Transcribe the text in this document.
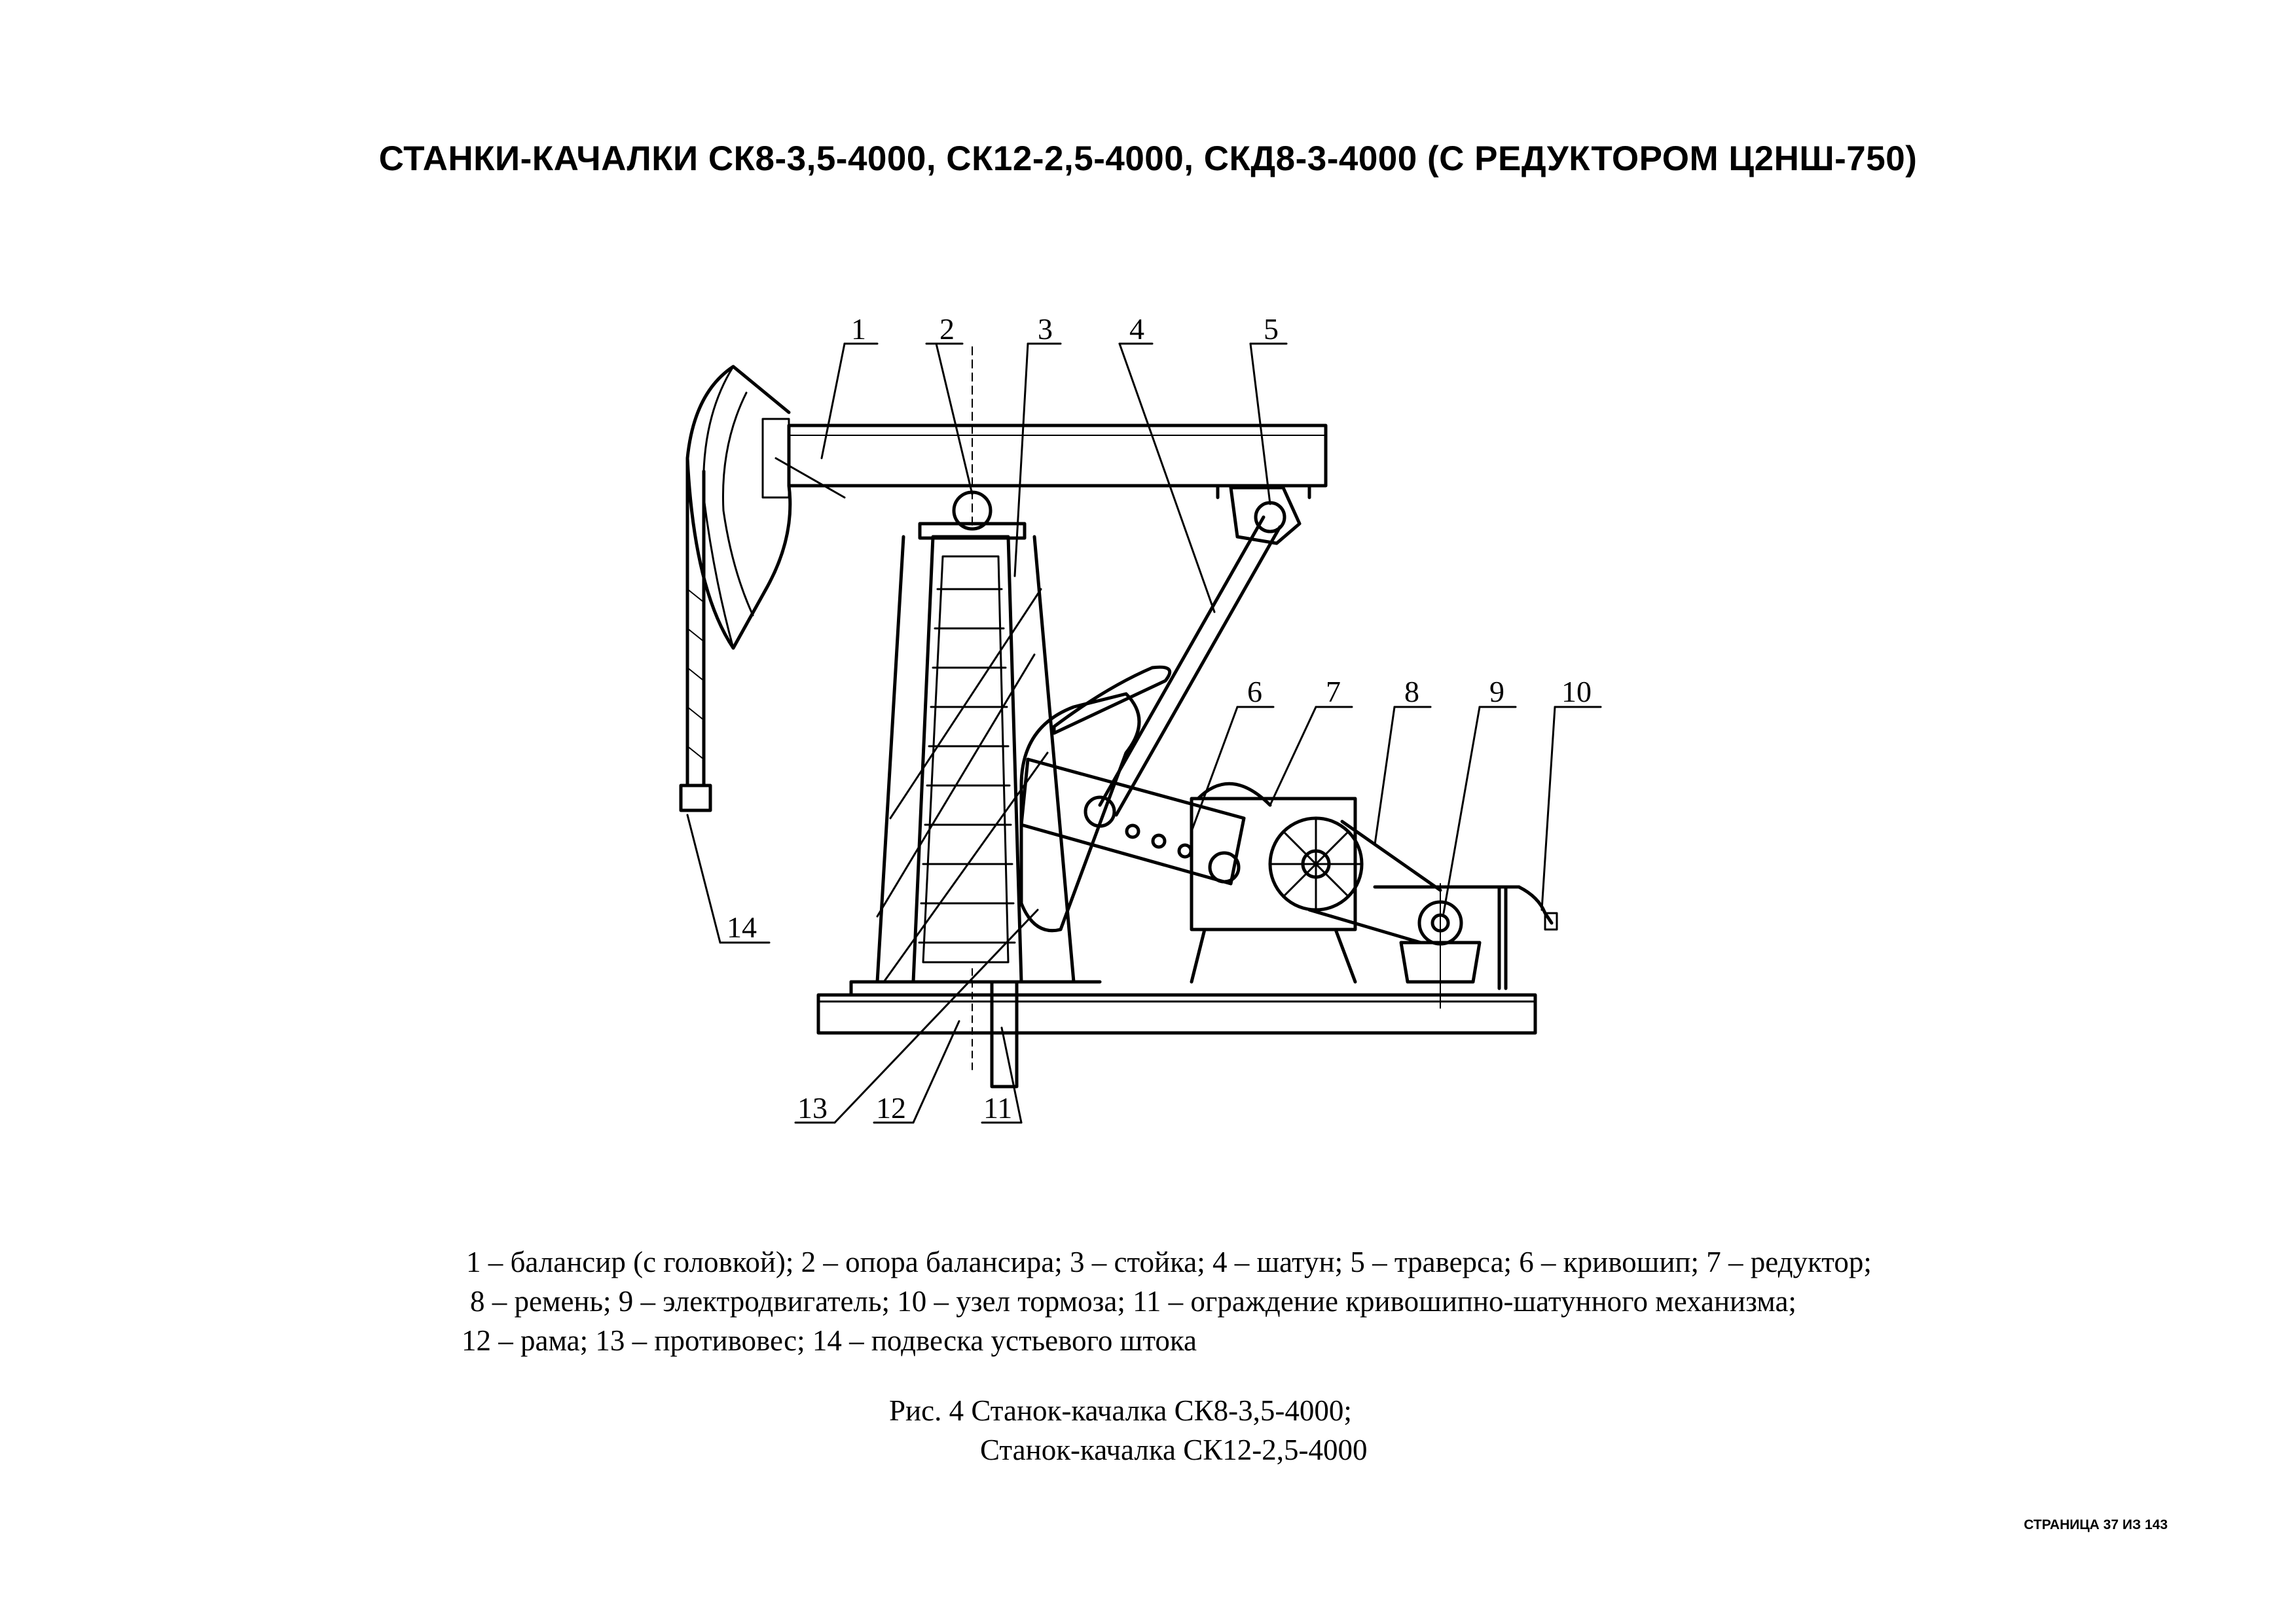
СТАНКИ-КАЧАЛКИ СК8-3,5-4000, СК12-2,5-4000, СКД8-3-4000 (С РЕДУКТОРОМ Ц2НШ-750)
1 2	3	4	5
6 7 8 9 10
11
12
13
14
1 – балансир (с головкой); 2 – опора балансира; 3 – стойка; 4 – шатун; 5 – траверса; 6 – кривошип; 7 – редуктор;
8 – ремень; 9 – электродвигатель; 10 – узел тормоза; 11 – ограждение кривошипно-шатунного механизма;
12 – рама; 13 – противовес; 14 – подвеска устьевого штока
Рис. 4 Станок-качалка СК8-3,5-4000;
Станок-качалка СК12-2,5-4000
СТРАНИЦА 37 ИЗ 143
